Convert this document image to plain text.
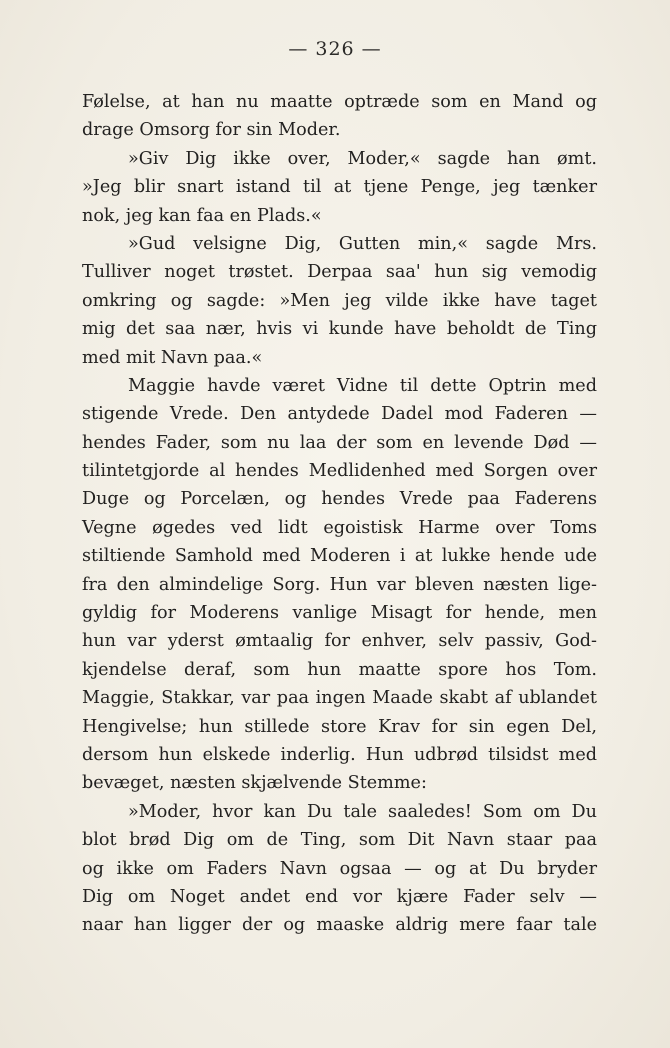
— 326 —
Følelse, at han nu maatte optræde som en Mand og
drage Omsorg for sin Moder.
»Giv Dig ikke over, Moder,« sagde han ømt.
»Jeg blir snart istand til at tjene Penge, jeg tænker
nok, jeg kan faa en Plads.«
»Gud velsigne Dig, Gutten min,« sagde Mrs.
Tulliver noget trøstet. Derpaa saa' hun sig vemodig
omkring og sagde: »Men jeg vilde ikke have taget
mig det saa nær, hvis vi kunde have beholdt de Ting
med mit Navn paa.«
Maggie havde været Vidne til dette Optrin med
stigende Vrede. Den antydede Dadel mod Faderen —
hendes Fader, som nu laa der som en levende Død —
tilintetgjorde al hendes Medlidenhed med Sorgen over
Duge og Porcelæn, og hendes Vrede paa Faderens
Vegne øgedes ved lidt egoistisk Harme over Toms
stiltiende Samhold med Moderen i at lukke hende ude
fra den almindelige Sorg. Hun var bleven næsten lige-
gyldig for Moderens vanlige Misagt for hende, men
hun var yderst ømtaalig for enhver, selv passiv, God-
kjendelse deraf, som hun maatte spore hos Tom.
Maggie, Stakkar, var paa ingen Maade skabt af ublandet
Hengivelse; hun stillede store Krav for sin egen Del,
dersom hun elskede inderlig. Hun udbrød tilsidst med
bevæget, næsten skjælvende Stemme:
»Moder, hvor kan Du tale saaledes! Som om Du
blot brød Dig om de Ting, som Dit Navn staar paa
og ikke om Faders Navn ogsaa — og at Du bryder
Dig om Noget andet end vor kjære Fader selv —
naar han ligger der og maaske aldrig mere faar tale
